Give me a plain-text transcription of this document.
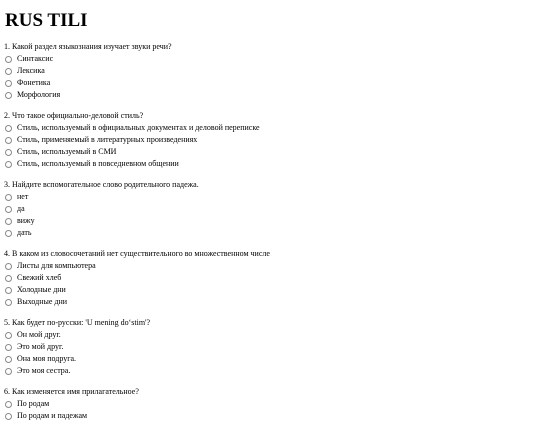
RUS TILI
1. Какой раздел языкознания изучает звуки речи?
Синтаксис
Лексика
Фонетика
Морфология
2. Что такое официально-деловой стиль?
Стиль, используемый в официальных документах и деловой переписке
Стиль, применяемый в литературных произведениях
Стиль, используемый в СМИ
Стиль, используемый в повседневном общении
3. Найдите вспомогательное слово родительного падежа.
нет
да
вижу
дать
4. В каком из словосочетаний нет существительного во множественном числе
Листы для компьютера
Свежий хлеб
Холодные дни
Выходные дни
5. Как будет по-русски: 'U mening do‘stim'?
Он мой друг.
Это мой друг.
Она моя подруга.
Это моя сестра.
6. Как изменяется имя прилагательное?
По родам
По родам и падежам
